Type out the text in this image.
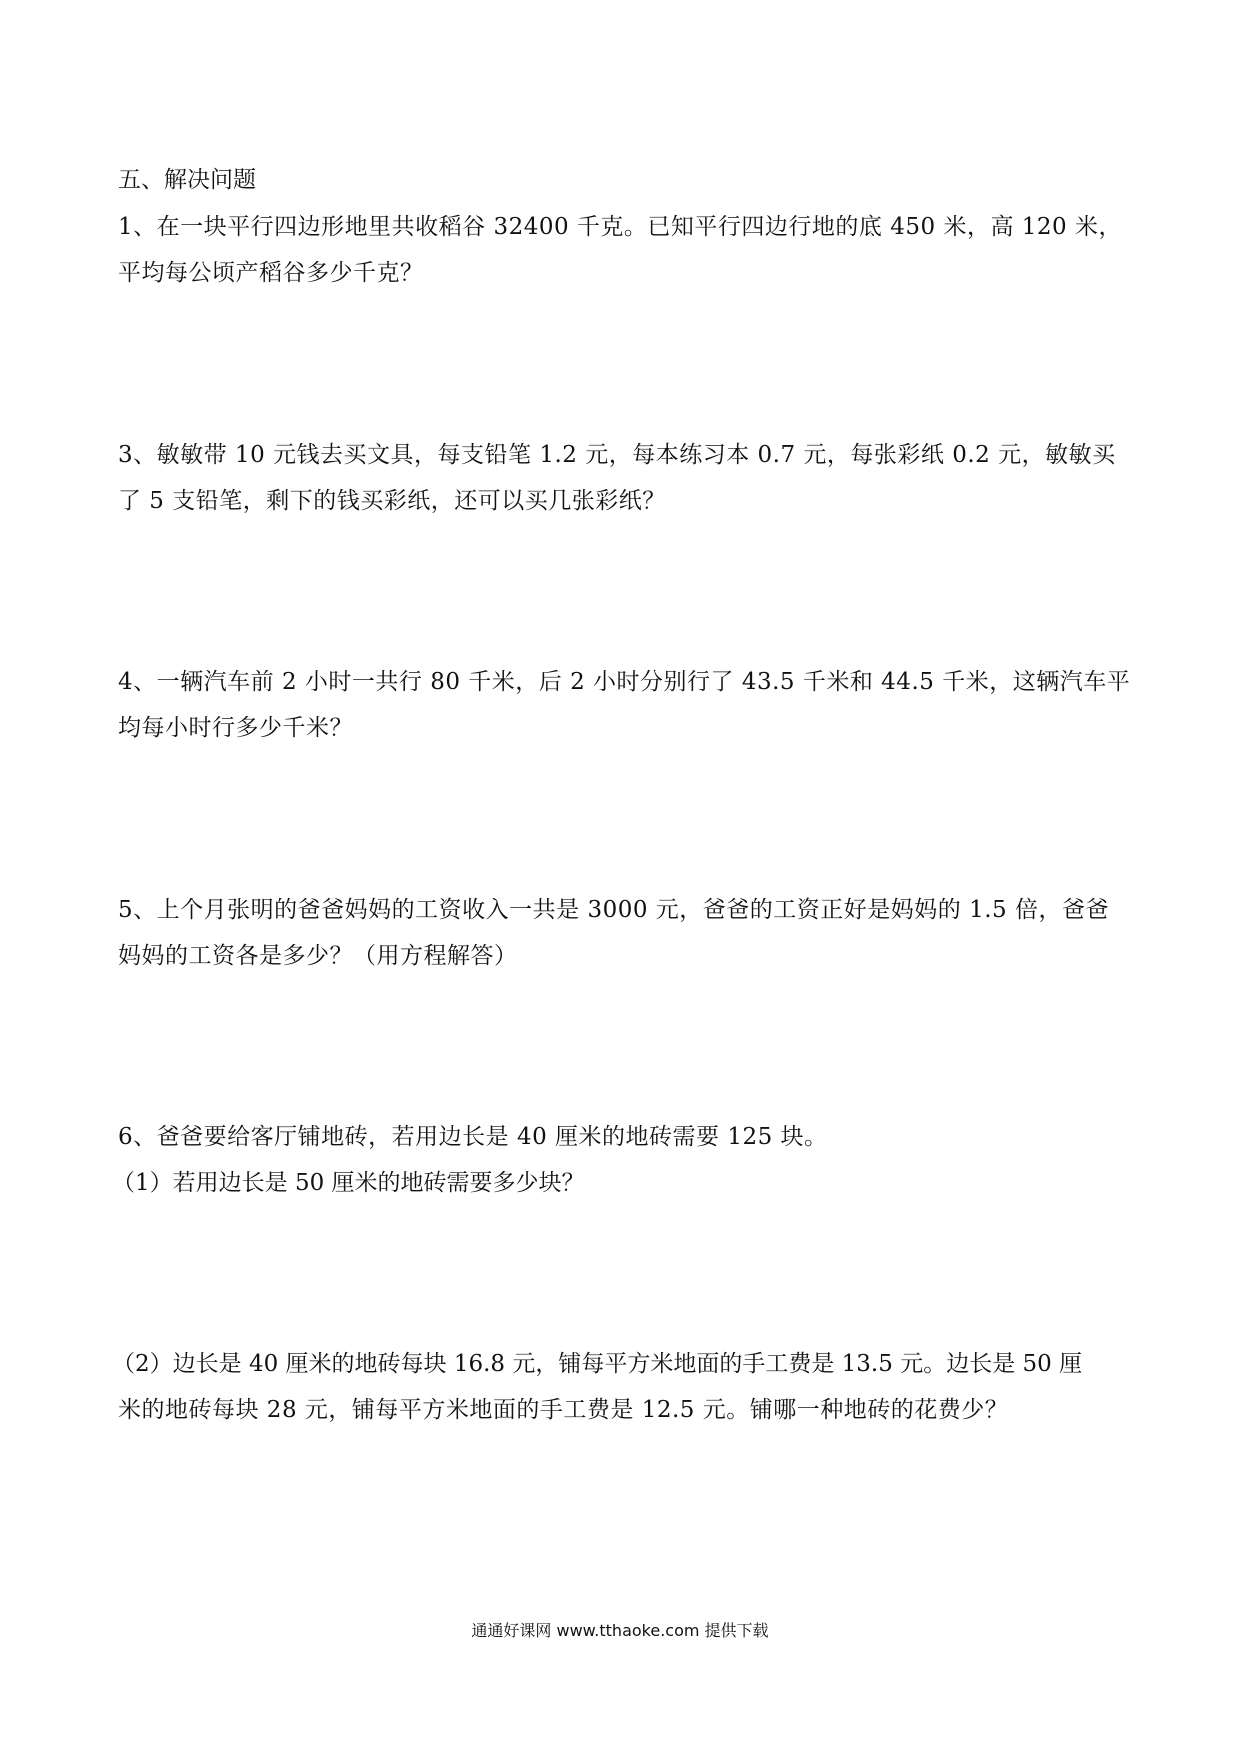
五、解决问题
1、在一块平行四边形地里共收稻谷 32400 千克。已知平行四边行地的底 450 米，高 120 米，
平均每公顷产稻谷多少千克？
3、敏敏带 10 元钱去买文具，每支铅笔 1.2 元，每本练习本 0.7 元，每张彩纸 0.2 元，敏敏买
了 5 支铅笔，剩下的钱买彩纸，还可以买几张彩纸？
4、一辆汽车前 2 小时一共行 80 千米，后 2 小时分别行了 43.5 千米和 44.5 千米，这辆汽车平
均每小时行多少千米？
5、上个月张明的爸爸妈妈的工资收入一共是 3000 元，爸爸的工资正好是妈妈的 1.5 倍，爸爸
妈妈的工资各是多少？（用方程解答）
6、爸爸要给客厅铺地砖，若用边长是 40 厘米的地砖需要 125 块。
（1）若用边长是 50 厘米的地砖需要多少块？
（2）边长是 40 厘米的地砖每块 16.8 元，铺每平方米地面的手工费是 13.5 元。边长是 50 厘
米的地砖每块 28 元，铺每平方米地面的手工费是 12.5 元。铺哪一种地砖的花费少？
通通好课网 www.tthaoke.com 提供下载
